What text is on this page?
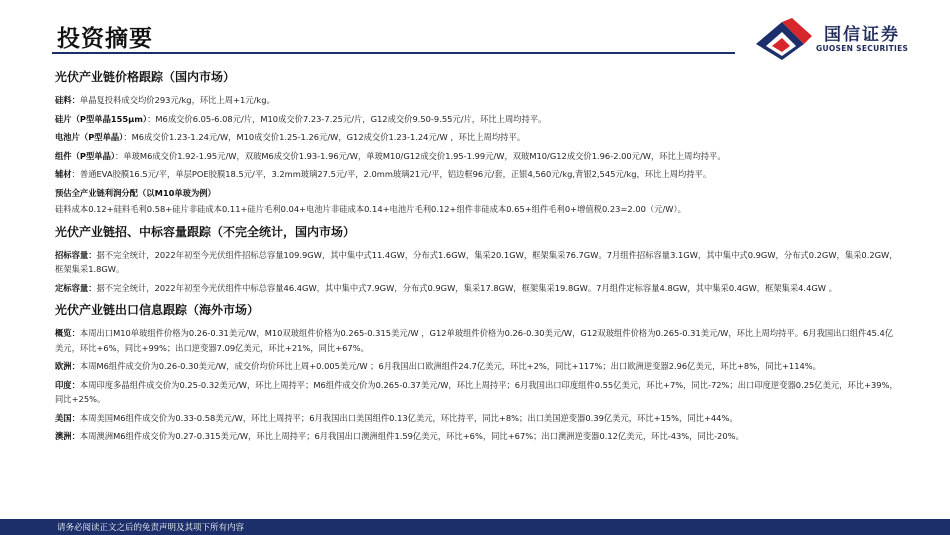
投资摘要	国信证券
GUOSEN SECURITIES
光伏产业链价格跟踪（国内市场）
硅料：单晶复投料成交均价293元/kg，环比上周+1元/kg。
硅片（P型单晶155μm）：M6成交价6.05-6.08元/片，M10成交价7.23-7.25元/片，G12成交价9.50-9.55元/片，环比上周均持平。
电池片（P型单晶）：M6成交价1.23-1.24元/W，M10成交价1.25-1.26元/W，G12成交价1.23-1.24元/W ，环比上周均持平。
组件（P型单晶）：单玻M6成交价1.92-1.95元/W，双玻M6成交价1.93-1.96元/W，单玻M10/G12成交价1.95-1.99元/W，双玻M10/G12成交价1.96-2.00元/W，环比上周均持平。
辅材：普通EVA胶膜16.5元/平，单层POE胶膜18.5元/平，3.2mm玻璃27.5元/平，2.0mm玻璃21元/平，铝边框96元/套，正银4,560元/kg,背银2,545元/kg，环比上周均持平。
预估全产业链利润分配（以M10单玻为例）
硅料成本0.12+硅料毛利0.58+硅片非硅成本0.11+硅片毛利0.04+电池片非硅成本0.14+电池片毛利0.12+组件非硅成本0.65+组件毛利0+增值税0.23=2.00（元/W）。
光伏产业链招、中标容量跟踪（不完全统计，国内市场）
招标容量：据不完全统计，2022年初至今光伏组件招标总容量109.9GW，其中集中式11.4GW，分布式1.6GW，集采20.1GW，框架集采76.7GW。7月组件招标容量3.1GW，其中集中式0.9GW，分布式0.2GW，集采0.2GW，框架集采1.8GW。
定标容量：据不完全统计，2022年初至今光伏组件中标总容量46.4GW，其中集中式7.9GW，分布式0.9GW，集采17.8GW，框架集采19.8GW。7月组件定标容量4.8GW，其中集采0.4GW，框架集采4.4GW 。
光伏产业链出口信息跟踪（海外市场）
概览：本周出口M10单玻组件价格为0.26-0.31美元/W，M10双玻组件价格为0.265-0.315美元/W ，G12单玻组件价格为0.26-0.30美元/W，G12双玻组件价格为0.265-0.31美元/W，环比上周均持平。6月我国出口组件45.4亿美元，环比+6%，同比+99%；出口逆变器7.09亿美元，环比+21%，同比+67%。
欧洲：本周M6组件成交价为0.26-0.30美元/W，成交价均价环比上周+0.005美元/W ；6月我国出口欧洲组件24.7亿美元，环比+2%，同比+117%；出口欧洲逆变器2.96亿美元，环比+8%，同比+114%。
印度：本周印度多晶组件成交价为0.25-0.32美元/W，环比上周持平；M6组件成交价为0.265-0.37美元/W，环比上周持平；6月我国出口印度组件0.55亿美元，环比+7%，同比-72%；出口印度逆变器0.25亿美元，环比+39%，同比+25%。
美国：本周美国M6组件成交价为0.33-0.58美元/W，环比上周持平；6月我国出口美国组件0.13亿美元，环比持平，同比+8%；出口美国逆变器0.39亿美元，环比+15%，同比+44%。
澳洲：本周澳洲M6组件成交价为0.27-0.315美元/W，环比上周持平；6月我国出口澳洲组件1.59亿美元，环比+6%，同比+67%；出口澳洲逆变器0.12亿美元，环比-43%，同比-20%。
请务必阅读正文之后的免责声明及其项下所有内容
